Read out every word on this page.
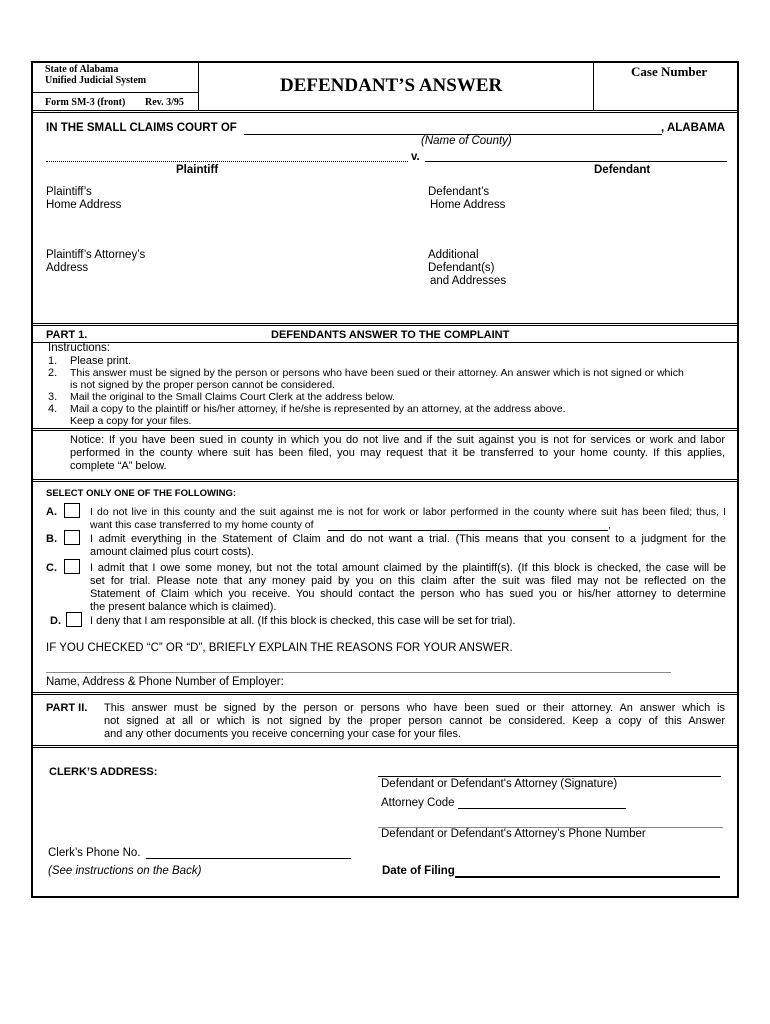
State of Alabama
Unified Judicial System
Form SM-3 (front) Rev. 3/95
DEFENDANT’S ANSWER
Case Number
IN THE SMALL CLAIMS COURT OF	, ALABAMA
(Name of County)
v.
Plaintiff	Defendant
Plaintiff’s
Home Address
Defendant’s
Home Address
Plaintiff’s Attorney’s
Address
Additional
Defendant(s)
and Addresses
PART 1.	DEFENDANTS ANSWER TO THE COMPLAINT
Instructions:
1. Please print.
2. This answer must be signed by the person or persons who have been sued or their attorney. An answer which is not signed or which
is not signed by the proper person cannot be considered.
3. Mail the original to the Small Claims Court Clerk at the address below.
4. Mail a copy to the plaintiff or his/her attorney, if he/she is represented by an attorney, at the address above.
Keep a copy for your files.
Notice: If you have been sued in county in which you do not live and if the suit against you is not for services or work and labor
performed in the county where suit has been filed, you may request that it be transferred to your home county. If this applies,
complete “A” below.
SELECT ONLY ONE OF THE FOLLOWING:
A.	I do not live in this county and the suit against me is not for work or labor performed in the county where suit has been filed; thus, I
want this case transferred to my home county of	,
B.	I admit everything in the Statement of Claim and do not want a trial. (This means that you consent to a judgment for the
amount claimed plus court costs).
C.	I admit that I owe some money, but not the total amount claimed by the plaintiff(s). (If this block is checked, the case will be
set for trial. Please note that any money paid by you on this claim after the suit was filed may not be reflected on the
Statement of Claim which you receive. You should contact the person who has sued you or his/her attorney to determine
the present balance which is claimed).
D.	I deny that I am responsible at all. (If this block is checked, this case will be set for trial).
IF YOU CHECKED “C” OR “D”, BRIEFLY EXPLAIN THE REASONS FOR YOUR ANSWER.
Name, Address & Phone Number of Employer:
PART II. This answer must be signed by the person or persons who have been sued or their attorney. An answer which is
not signed at all or which is not signed by the proper person cannot be considered. Keep a copy of this Answer
and any other documents you receive concerning your case for your files.
CLERK’S ADDRESS:
Defendant or Defendant's Attorney (Signature)
Attorney Code
Defendant or Defendant's Attorney’s Phone Number
Clerk’s Phone No.
(See instructions on the Back)	Date of Filing
